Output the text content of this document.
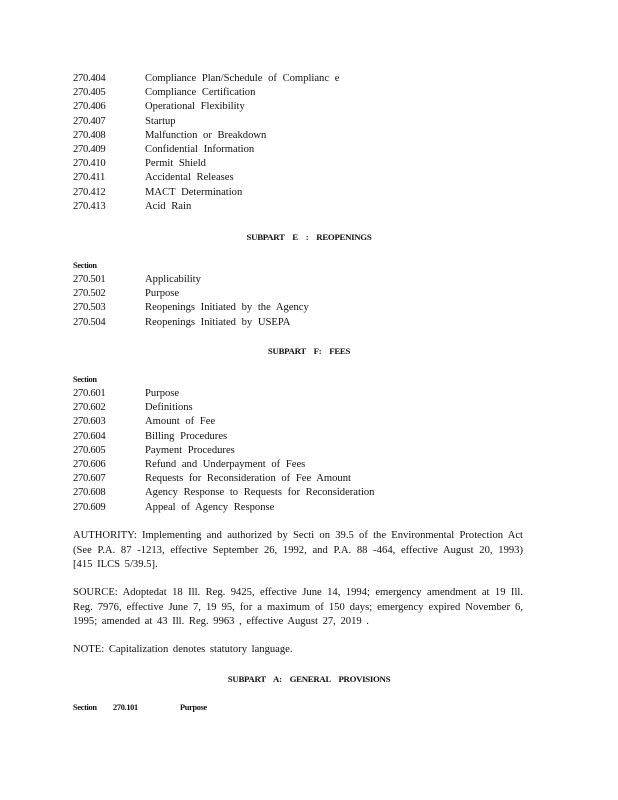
270.404	Compliance Plan/Schedule of Complianc e
270.405	Compliance Certification
270.406	Operational Flexibility
270.407	Startup
270.408	Malfunction or Breakdown
270.409	Confidential Information
270.410	Permit Shield
270.411	Accidental Releases
270.412	MACT Determination
270.413	Acid Rain
SUBPART E : REOPENINGS
Section
270.501	Applicability
270.502	Purpose
270.503	Reopenings Initiated by the Agency
270.504	Reopenings Initiated by USEPA
SUBPART F: FEES
Section
270.601	Purpose
270.602	Definitions
270.603	Amount of Fee
270.604	Billing Procedures
270.605	Payment Procedures
270.606	Refund and Underpayment of Fees
270.607	Requests for Reconsideration of Fee Amount
270.608	Agency Response to Requests for Reconsideration
270.609	Appeal of Agency Response

AUTHORITY: Implementing and authorized by Secti on 39.5 of the Environmental Protection Act (See P.A. 87 -1213, effective September 26, 1992, and P.A. 88 -464, effective August 20, 1993) [415 ILCS 5/39.5].

SOURCE: Adoptedat 18 Ill. Reg. 9425, effective June 14, 1994; emergency amendment at 19 Ill. Reg. 7976, effective June 7, 19 95, for a maximum of 150 days; emergency expired November 6, 1995; amended at 43 Ill. Reg. 9963 , effective August 27, 2019 .

NOTE: Capitalization denotes statutory language.

SUBPART A: GENERAL PROVISIONS
Section 270.101	Purpose
